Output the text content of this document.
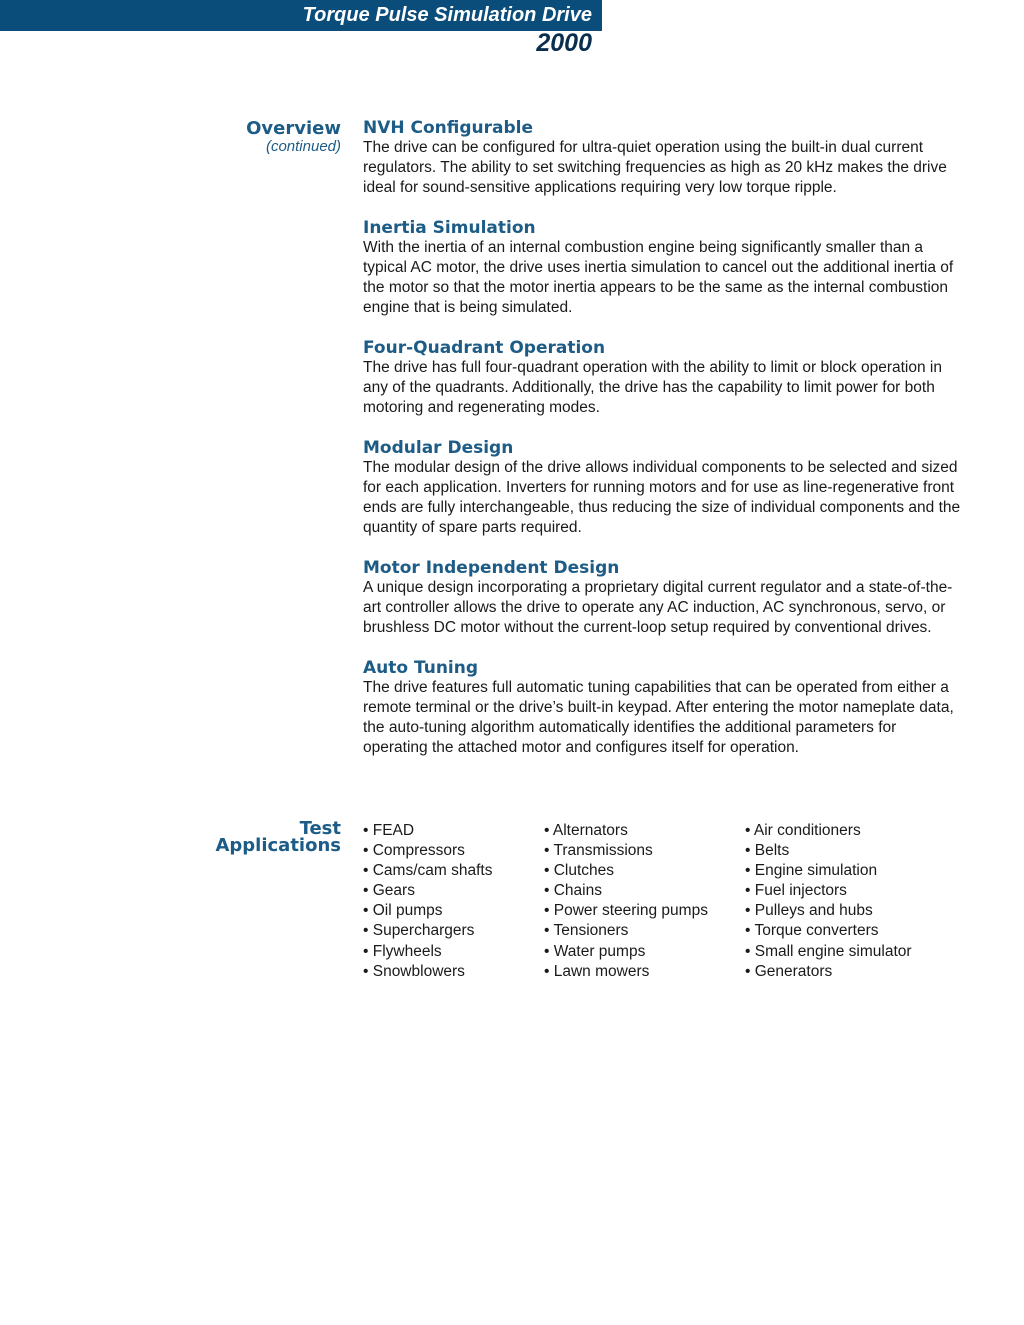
Torque Pulse Simulation Drive
2000
Overview
(continued)
NVH Configurable

The drive can be configured for ultra-quiet operation using the built-in dual current regulators. The ability to set switching frequencies as high as 20 kHz makes the drive ideal for sound-sensitive applications requiring very low torque ripple.

Inertia Simulation

With the inertia of an internal combustion engine being significantly smaller than a typical AC motor, the drive uses inertia simulation to cancel out the additional inertia of the motor so that the motor inertia appears to be the same as the internal combustion engine that is being simulated.

Four-Quadrant Operation

The drive has full four-quadrant operation with the ability to limit or block operation in any of the quadrants. Additionally, the drive has the capability to limit power for both motoring and regenerating modes.

Modular Design

The modular design of the drive allows individual components to be selected and sized for each application. Inverters for running motors and for use as line-regenerative front ends are fully interchangeable, thus reducing the size of individual components and the quantity of spare parts required.

Motor Independent Design

A unique design incorporating a proprietary digital current regulator and a state-of-the-art controller allows the drive to operate any AC induction, AC synchronous, servo, or brushless DC motor without the current-loop setup required by conventional drives.

Auto Tuning

The drive features full automatic tuning capabilities that can be operated from either a remote terminal or the drive’s built-in keypad. After entering the motor nameplate data, the auto-tuning algorithm automatically identifies the additional parameters for operating the attached motor and configures itself for operation.

Test
Applications
• FEAD
• Compressors
• Cams/cam shafts
• Gears
• Oil pumps
• Superchargers
• Flywheels
• Snowblowers
• Alternators
• Transmissions
• Clutches
• Chains
• Power steering pumps
• Tensioners
• Water pumps
• Lawn mowers
• Air conditioners
• Belts
• Engine simulation
• Fuel injectors
• Pulleys and hubs
• Torque converters
• Small engine simulator
• Generators
